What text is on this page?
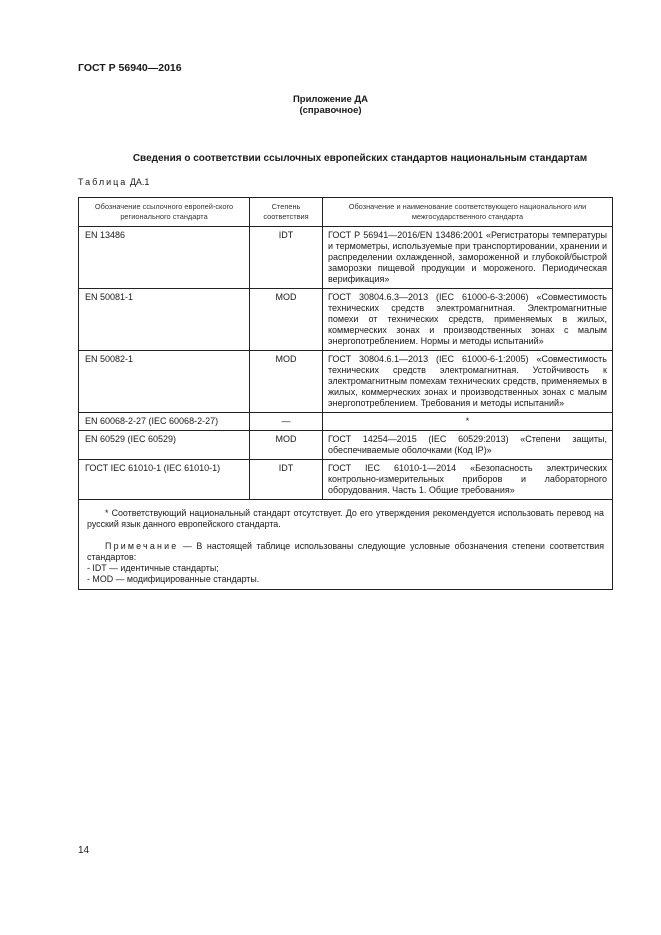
ГОСТ Р 56940—2016
Приложение ДА
(справочное)
Сведения о соответствии ссылочных европейских стандартов национальным стандартам
Таблица ДА.1
Обозначение ссылочного европей-ского регионального стандарта	Степень соответствия	Обозначение и наименование соответствующего национального или межгосударственного стандарта
EN 13486	IDT	ГОСТ Р 56941—2016/EN 13486:2001 «Регистраторы температуры и термометры, используемые при транспортировании, хранении и распределении охлажденной, замороженной и глубокой/быстрой заморозки пищевой продукции и мороженого. Периодическая верификация»
EN 50081-1	MOD	ГОСТ 30804.6.3—2013 (IEC 61000-6-3:2006) «Совместимость технических средств электромагнитная. Электромагнитные помехи от технических средств, применяемых в жилых, коммерческих зонах и производственных зонах с малым энергопотреблением. Нормы и методы испытаний»
EN 50082-1	MOD	ГОСТ 30804.6.1—2013 (IEC 61000-6-1:2005) «Совместимость технических средств электромагнитная. Устойчивость к электромагнитным помехам технических средств, применяемых в жилых, коммерческих зонах и производственных зонах с малым энергопотреблением. Требования и методы испытаний»
EN 60068-2-27 (IEC 60068-2-27)	—	*
EN 60529 (IEC 60529)	MOD	ГОСТ 14254—2015 (IEC 60529:2013) «Степени защиты, обеспечиваемые оболочками (Код IP)»
ГОСТ IEC 61010-1 (IEC 61010-1)	IDT	ГОСТ IEC 61010-1—2014 «Безопасность электрических контрольно-измерительных приборов и лабораторного оборудования. Часть 1. Общие требования»

* Соответствующий национальный стандарт отсутствует. До его утверждения рекомендуется использовать перевод на русский язык данного европейского стандарта.

Примечание — В настоящей таблице использованы следующие условные обозначения степени соответствия стандартов:

- IDT — идентичные стандарты;

- MOD — модифицированные стандарты.		

14
